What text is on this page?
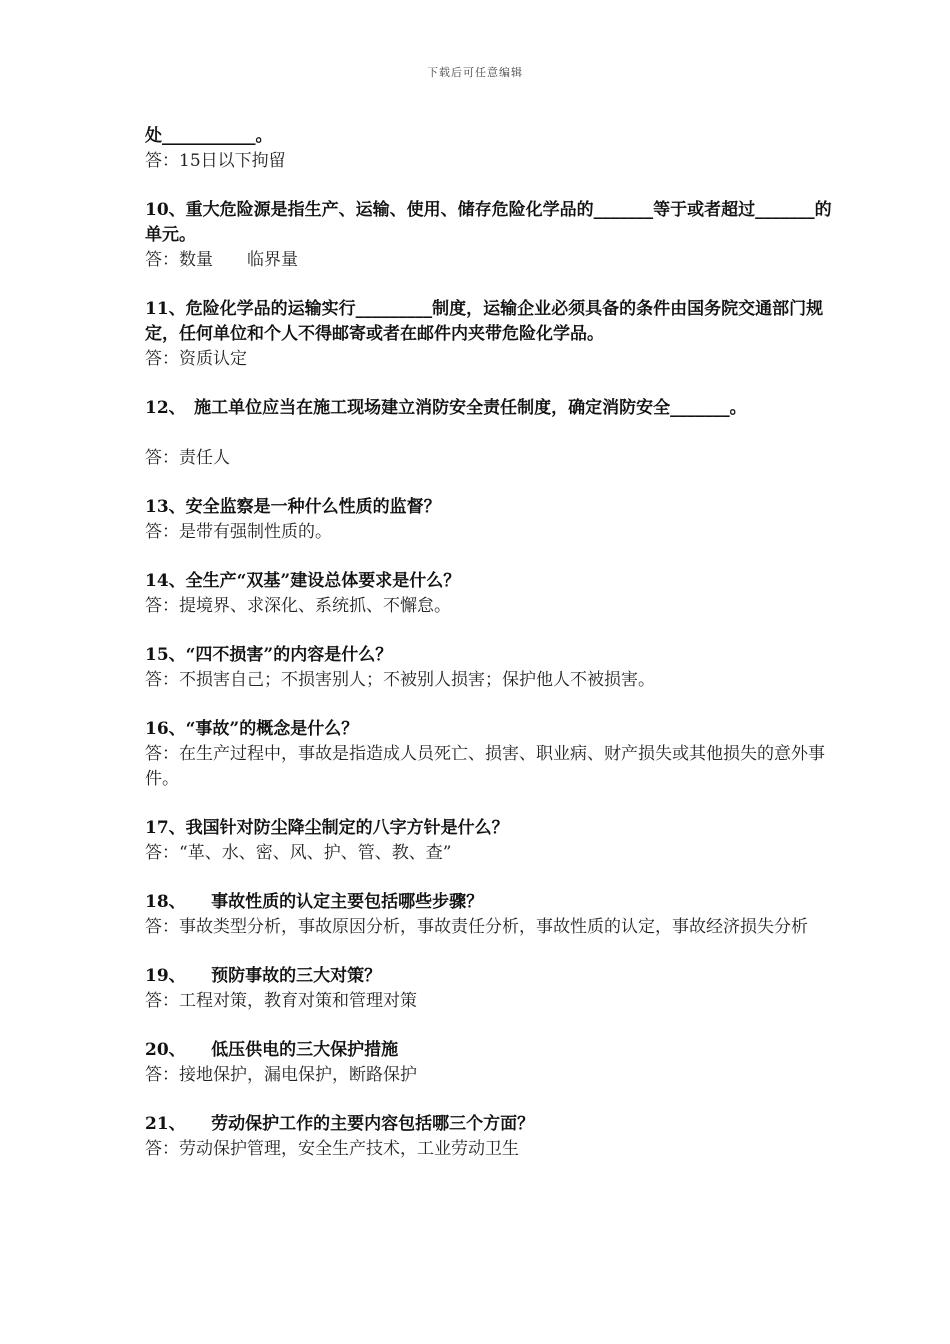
下载后可任意编辑
处___________。
答：15日以下拘留
10、重大危险源是指生产、运输、使用、储存危险化学品的_______等于或者超过_______的单元。
答：数量　　临界量
11、危险化学品的运输实行_________制度，运输企业必须具备的条件由国务院交通部门规定，任何单位和个人不得邮寄或者在邮件内夹带危险化学品。
答：资质认定
12、　施工单位应当在施工现场建立消防安全责任制度，确定消防安全_______。
答：责任人
13、安全监察是一种什么性质的监督？
答：是带有强制性质的。
14、全生产“双基”建设总体要求是什么？
答：提境界、求深化、系统抓、不懈怠。
15、“四不损害”的内容是什么？
答：不损害自己；不损害别人；不被别人损害；保护他人不被损害。
16、“事故”的概念是什么？
答：在生产过程中，事故是指造成人员死亡、损害、职业病、财产损失或其他损失的意外事件。
17、我国针对防尘降尘制定的八字方针是什么？
答：“革、水、密、风、护、管、教、查”
18、　　事故性质的认定主要包括哪些步骤？
答：事故类型分析，事故原因分析，事故责任分析，事故性质的认定，事故经济损失分析
19、　　预防事故的三大对策？
答：工程对策，教育对策和管理对策
20、　　低压供电的三大保护措施
答：接地保护，漏电保护，断路保护
21、　　劳动保护工作的主要内容包括哪三个方面？
答：劳动保护管理，安全生产技术，工业劳动卫生
